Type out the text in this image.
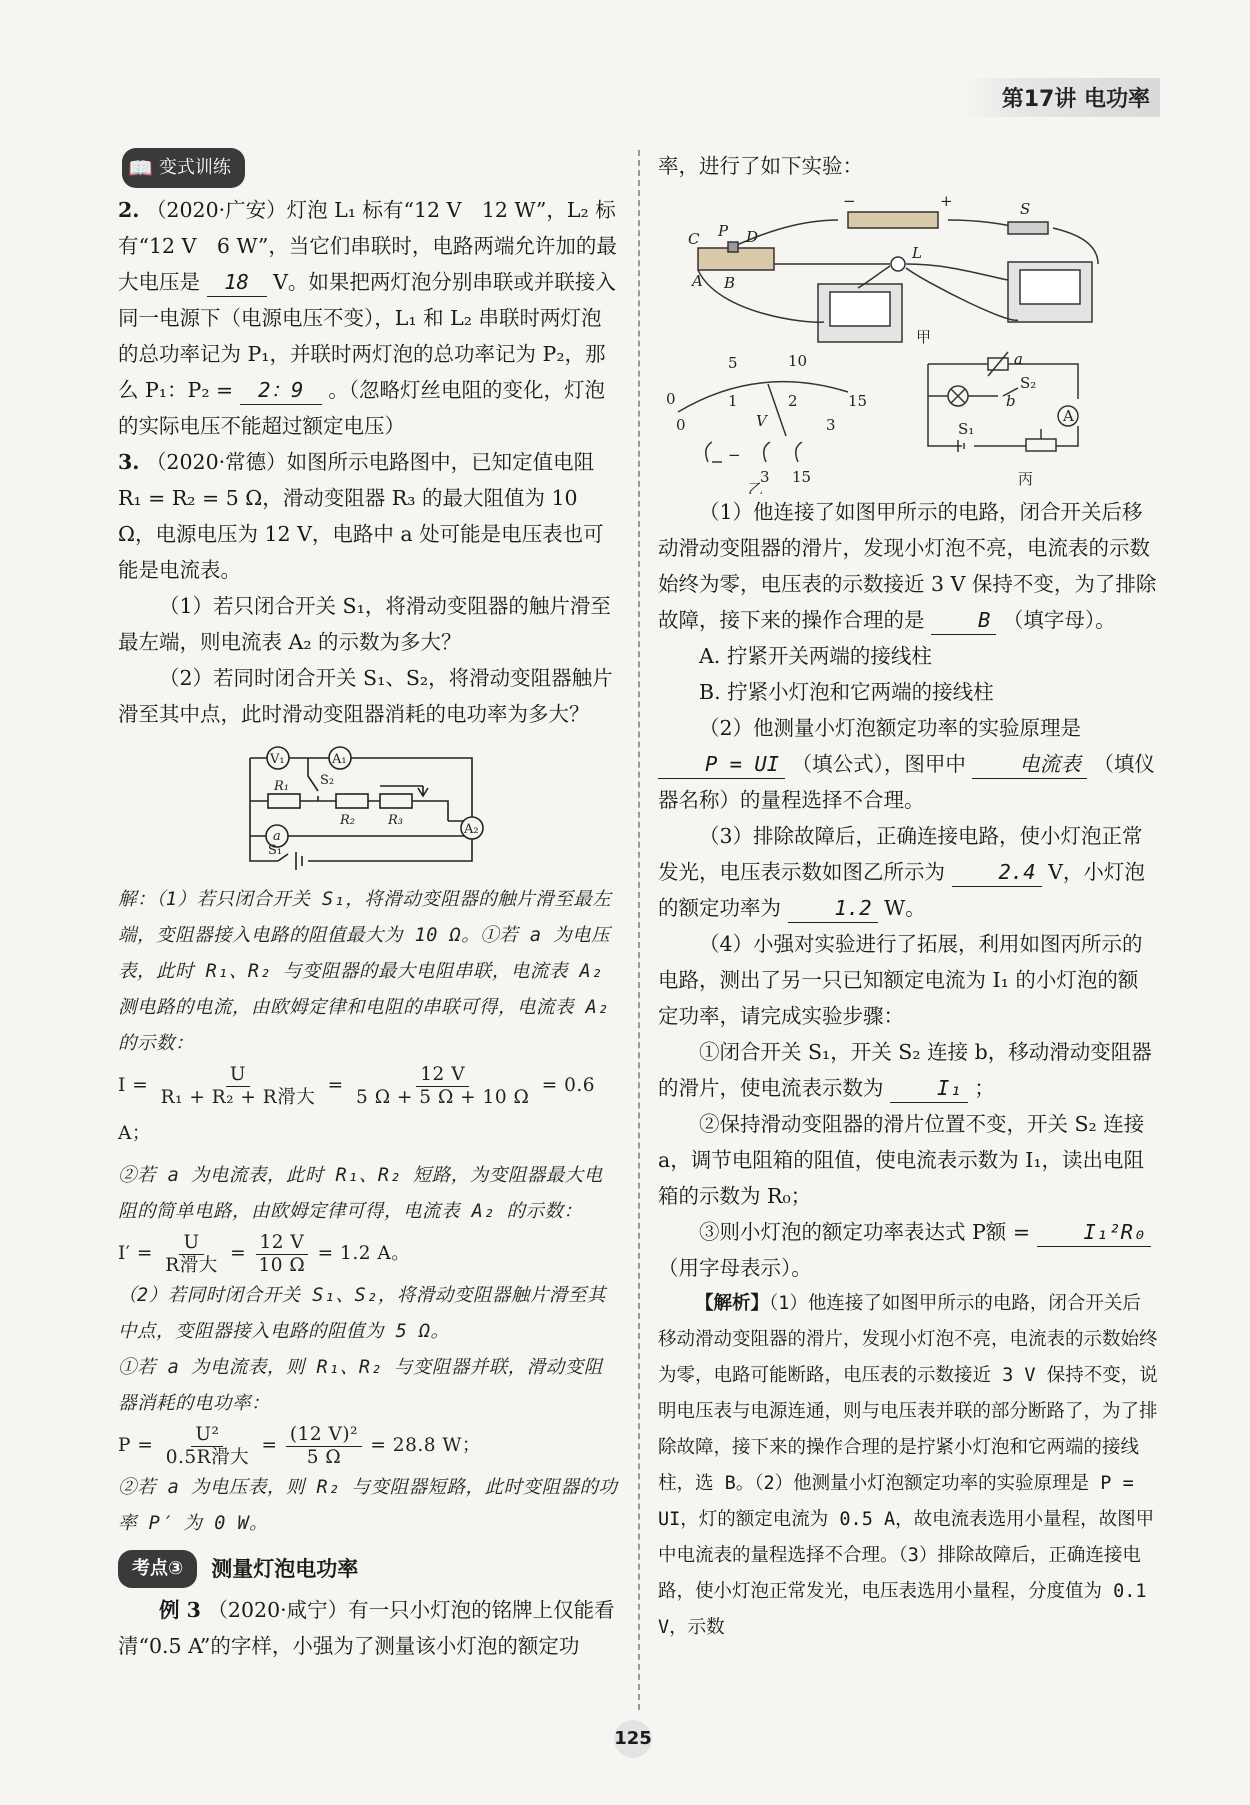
第17讲 电功率
📖 变式训练

2. （2020·广安）灯泡 L₁ 标有“12 V　12 W”，L₂ 标有“12 V　6 W”，当它们串联时，电路两端允许加的最大电压是 18 V。如果把两灯泡分别串联或并联接入同一电源下（电源电压不变），L₁ 和 L₂ 串联时两灯泡的总功率记为 P₁，并联时两灯泡的总功率记为 P₂，那么 P₁：P₂ = 2：9 。（忽略灯丝电阻的变化，灯泡的实际电压不能超过额定电压）

3. （2020·常德）如图所示电路图中，已知定值电阻 R₁ = R₂ = 5 Ω，滑动变阻器 R₃ 的最大阻值为 10 Ω，电源电压为 12 V，电路中 a 处可能是电压表也可能是电流表。

（1）若只闭合开关 S₁，将滑动变阻器的触片滑至最左端，则电流表 A₂ 的示数为多大？

（2）若同时闭合开关 S₁、S₂，将滑动变阻器触片滑至其中点，此时滑动变阻器消耗的电功率为多大？

V₁	A₁
a	A₂
R₁
R₂	R₃
S₂
S₁

解：（1）若只闭合开关 S₁，将滑动变阻器的触片滑至最左端，变阻器接入电路的阻值最大为 10 Ω。①若 a 为电压表，此时 R₁、R₂ 与变阻器的最大电阻串联，电流表 A₂ 测电路的电流，由欧姆定律和电阻的串联可得，电流表 A₂ 的示数：

$I = \frac{U}{\text{R₁ + R₂ + R滑大}} = \frac{12 V}{5 \Omega + 5 \Omega + 10 \Omega} = 0.6$ A；

②若 a 为电流表，此时 R₁、R₂ 短路，为变阻器最大电阻的简单电路，由欧姆定律可得，电流表 A₂ 的示数：

$I' = \frac{U}{\text{R滑大}} = \frac{12 V}{10 \Omega} = 1.2$ A。

（2）若同时闭合开关 S₁、S₂，将滑动变阻器触片滑至其中点，变阻器接入电路的阻值为 5 Ω。

①若 a 为电流表，则 R₁、R₂ 与变阻器并联，滑动变阻器消耗的电功率：

$P = \frac{\text{U²}}{\text{0.5R滑大}} = \frac{\text{(12 V)²}}{5 \Omega} = 28.8$ W；

②若 a 为电压表，则 R₂ 与变阻器短路，此时变阻器的功率 P′ 为 0 W。

考点③	测量灯泡电功率

例 3 （2020·咸宁）有一只小灯泡的铭牌上仅能看清“0.5 A”的字样，小强为了测量该小灯泡的额定功

率，进行了如下实验：

−	+	S
C P D
A B
L
甲
5	10
0	15
0
1	2
3
V
−
3 15
乙
a
b
S₂
S₁
A
丙

（1）他连接了如图甲所示的电路，闭合开关后移动滑动变阻器的滑片，发现小灯泡不亮，电流表的示数始终为零，电压表的示数接近 3 V 保持不变，为了排除故障，接下来的操作合理的是	B （填字母）。

A. 拧紧开关两端的接线柱

B. 拧紧小灯泡和它两端的接线柱

（2）他测量小灯泡额定功率的实验原理是 P = UI （填公式），图甲中	电流表 （填仪器名称）的量程选择不合理。

（3）排除故障后，正确连接电路，使小灯泡正常发光，电压表示数如图乙所示为	2.4 V，小灯泡的额定功率为	1.2 W。

（4）小强对实验进行了拓展，利用如图丙所示的电路，测出了另一只已知额定电流为 I₁ 的小灯泡的额定功率，请完成实验步骤：

①闭合开关 S₁，开关 S₂ 连接 b，移动滑动变阻器的滑片，使电流表示数为	I₁ ；

②保持滑动变阻器的滑片位置不变，开关 S₂ 连接 a，调节电阻箱的阻值，使电流表示数为 I₁，读出电阻箱的示数为 R₀；

③则小灯泡的额定功率表达式 P额 =	I₁²R₀ （用字母表示）。

【解析】（1）他连接了如图甲所示的电路，闭合开关后移动滑动变阻器的滑片，发现小灯泡不亮，电流表的示数始终为零，电路可能断路，电压表的示数接近 3 V 保持不变，说明电压表与电源连通，则与电压表并联的部分断路了，为了排除故障，接下来的操作合理的是拧紧小灯泡和它两端的接线柱，选 B。（2）他测量小灯泡额定功率的实验原理是 P = UI，灯的额定电流为 0.5 A，故电流表选用小量程，故图甲中电流表的量程选择不合理。（3）排除故障后，正确连接电路，使小灯泡正常发光，电压表选用小量程，分度值为 0.1 V，示数

125
